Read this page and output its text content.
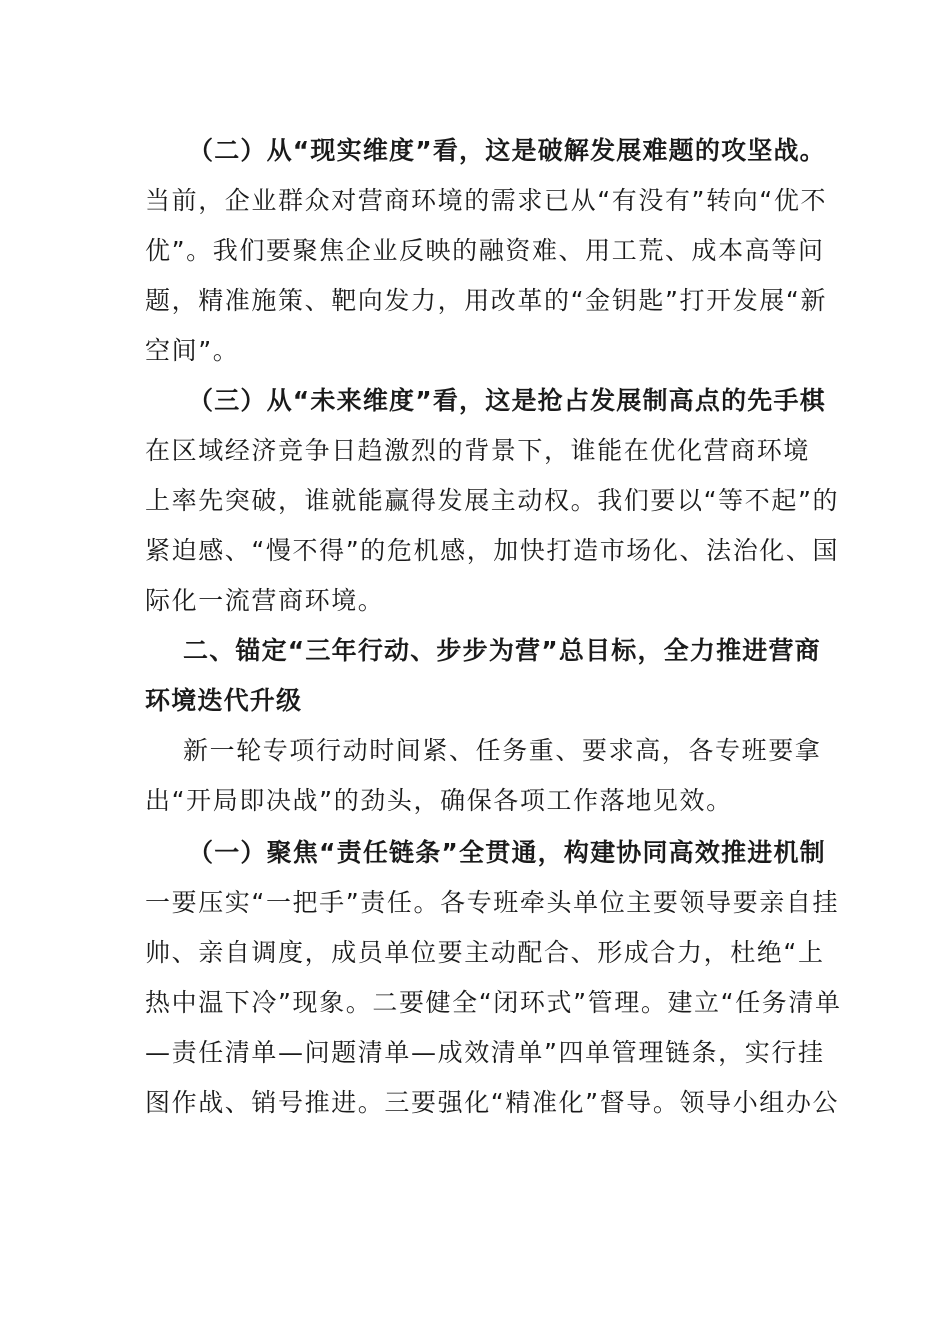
（二）从“现实维度”看，这是破解发展难题的攻坚战。
当前，企业群众对营商环境的需求已从“有没有”转向“优不
优”。我们要聚焦企业反映的融资难、用工荒、成本高等问
题，精准施策、靶向发力，用改革的“金钥匙”打开发展“新
空间”。
（三）从“未来维度”看，这是抢占发展制高点的先手棋
在区域经济竞争日趋激烈的背景下，谁能在优化营商环境
上率先突破，谁就能赢得发展主动权。我们要以“等不起”的
紧迫感、“慢不得”的危机感，加快打造市场化、法治化、国
际化一流营商环境。
二、锚定“三年行动、步步为营”总目标，全力推进营商
环境迭代升级
新一轮专项行动时间紧、任务重、要求高，各专班要拿
出“开局即决战”的劲头，确保各项工作落地见效。
（一）聚焦“责任链条”全贯通，构建协同高效推进机制
一要压实“一把手”责任。各专班牵头单位主要领导要亲自挂
帅、亲自调度，成员单位要主动配合、形成合力，杜绝“上
热中温下冷”现象。二要健全“闭环式”管理。建立“任务清单
—责任清单—问题清单—成效清单”四单管理链条，实行挂
图作战、销号推进。三要强化“精准化”督导。领导小组办公
